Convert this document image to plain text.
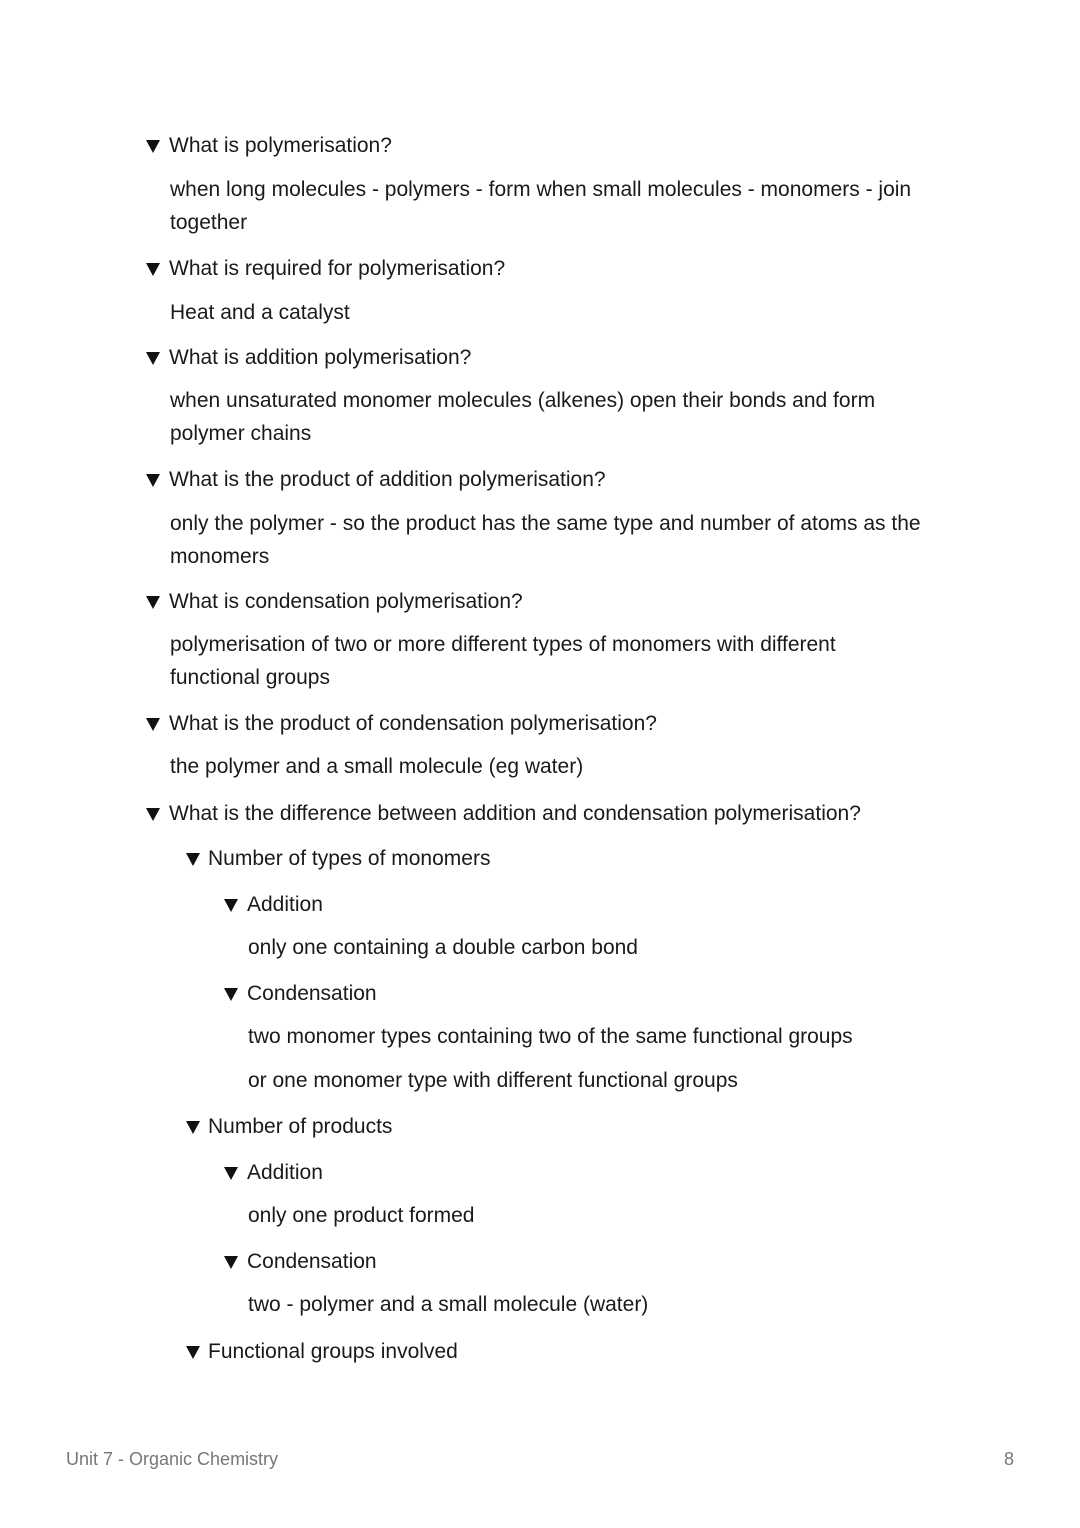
What is polymerisation?
when long molecules - polymers - form when small molecules - monomers - join together
What is required for polymerisation?
Heat and a catalyst
What is addition polymerisation?
when unsaturated monomer molecules (alkenes) open their bonds and form polymer chains
What is the product of addition polymerisation?
only the polymer - so the product has the same type and number of atoms as the monomers
What is condensation polymerisation?
polymerisation of two or more different types of monomers with different functional groups
What is the product of condensation polymerisation?
the polymer and a small molecule (eg water)
What is the difference between addition and condensation polymerisation?
Number of types of monomers
Addition
only one containing a double carbon bond
Condensation
two monomer types containing two of the same functional groups
or one monomer type with different functional groups
Number of products
Addition
only one product formed
Condensation
two - polymer and a small molecule (water)
Functional groups involved
Unit 7 - Organic Chemistry	8
